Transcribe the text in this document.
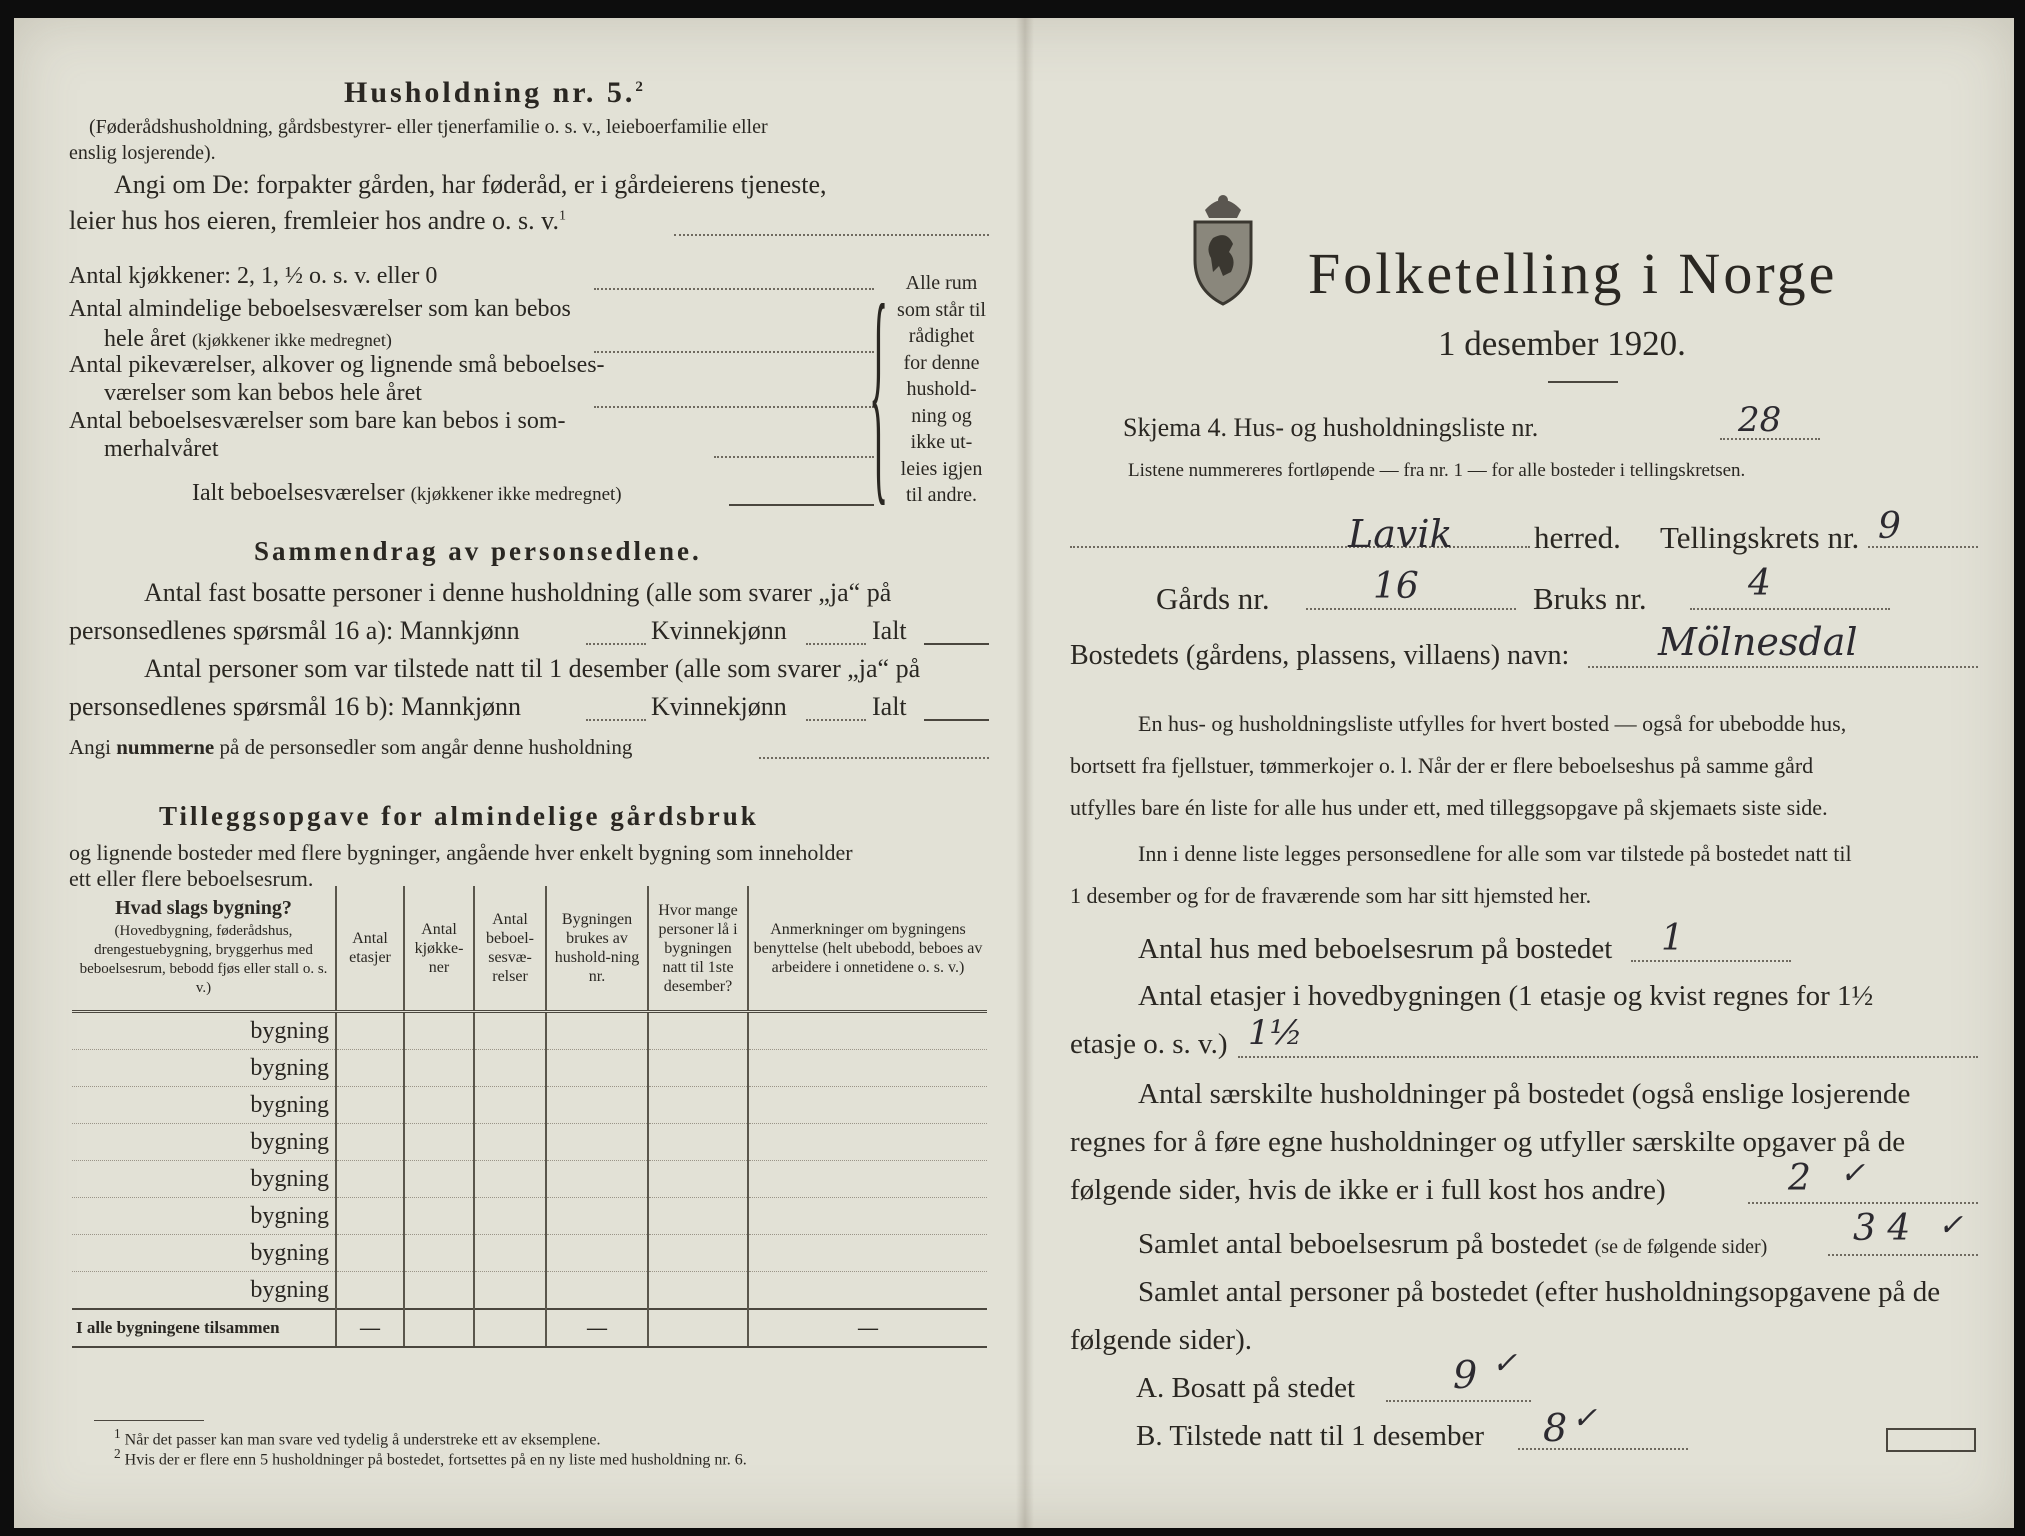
Husholdning nr. 5.$^2$
(Føderådshusholdning, gårdsbestyrer- eller tjenerfamilie o. s. v., leieboerfamilie eller
enslig losjerende).
Angi om De: forpakter gården, har føderåd, er i gårdeierens tjeneste,
leier hus hos eieren, fremleier hos andre o. s. v.$^1$
Antal kjøkkener: 2, 1, ½ o. s. v. eller 0
Antal almindelige beboelsesværelser som kan bebos
hele året (kjøkkener ikke medregnet)
Antal pikeværelser, alkover og lignende små beboelses-
værelser som kan bebos hele året
Antal beboelsesværelser som bare kan bebos i som-
merhalvåret
Ialt beboelsesværelser (kjøkkener ikke medregnet)	{ Alle rum
som står til
rådighet
for denne
hushold-
ning og
ikke ut-
leies igjen
til andre.
Sammendrag av personsedlene.
Antal fast bosatte personer i denne husholdning (alle som svarer „ja“ på
personsedlenes spørsmål 16 a): Mannkjønn	Kvinnekjønn	Ialt
Antal personer som var tilstede natt til 1 desember (alle som svarer „ja“ på
personsedlenes spørsmål 16 b): Mannkjønn	Kvinnekjønn	Ialt
Angi nummerne på de personsedler som angår denne husholdning
Tilleggsopgave for almindelige gårdsbruk
og lignende bosteder med flere bygninger, angående hver enkelt bygning som inneholder
ett eller flere beboelsesrum.
Hvad slags bygning?
(Hovedbygning, føderådshus, drengestuebygning, bryggerhus med beboelsesrum, bebodd fjøs eller stall o. s. v.)	Antal etasjer	Antal kjøkke-ner	Antal beboel-sesvæ-relser	Bygningen brukes av hushold-ning nr.	Hvor mange personer lå i bygningen natt til 1ste desember?	Anmerkninger om bygningens benyttelse (helt ubebodd, beboes av arbeidere i onnetidene o. s. v.)
bygning						
bygning						
bygning						
bygning						
bygning						
bygning						
bygning						
bygning						
I alle bygningene tilsammen	—			—		—
$^1$ Når det passer kan man svare ved tydelig å understreke ett av eksemplene.
$^2$ Hvis der er flere enn 5 husholdninger på bostedet, fortsettes på en ny liste med husholdning nr. 6.
Folketelling i Norge
1 desember 1920.
Skjema 4. Hus- og husholdningsliste nr.	28
Listene nummereres fortløpende — fra nr. 1 — for alle bosteder i tellingskretsen.
Lavik	herred. Tellingskrets nr. 9
Gårds nr.	16	Bruks nr.	4
Bostedets (gårdens, plassens, villaens) navn: Mölnesdal
En hus- og husholdningsliste utfylles for hvert bosted — også for ubebodde hus,
bortsett fra fjellstuer, tømmerkojer o. l. Når der er flere beboelseshus på samme gård
utfylles bare én liste for alle hus under ett, med tilleggsopgave på skjemaets siste side.
Inn i denne liste legges personsedlene for alle som var tilstede på bostedet natt til
1 desember og for de fraværende som har sitt hjemsted her.
Antal hus med beboelsesrum på bostedet 1
Antal etasjer i hovedbygningen (1 etasje og kvist regnes for 1½
etasje o. s. v.) 1½
Antal særskilte husholdninger på bostedet (også enslige losjerende
regnes for å føre egne husholdninger og utfyller særskilte opgaver på de
følgende sider, hvis de ikke er i full kost hos andre)	2 ✓
Samlet antal beboelsesrum på bostedet (se de følgende sider) 3 4 ✓
Samlet antal personer på bostedet (efter husholdningsopgavene på de
følgende sider).
A. Bosatt på stedet	9 ✓
B. Tilstede natt til 1 desember 8 ✓
